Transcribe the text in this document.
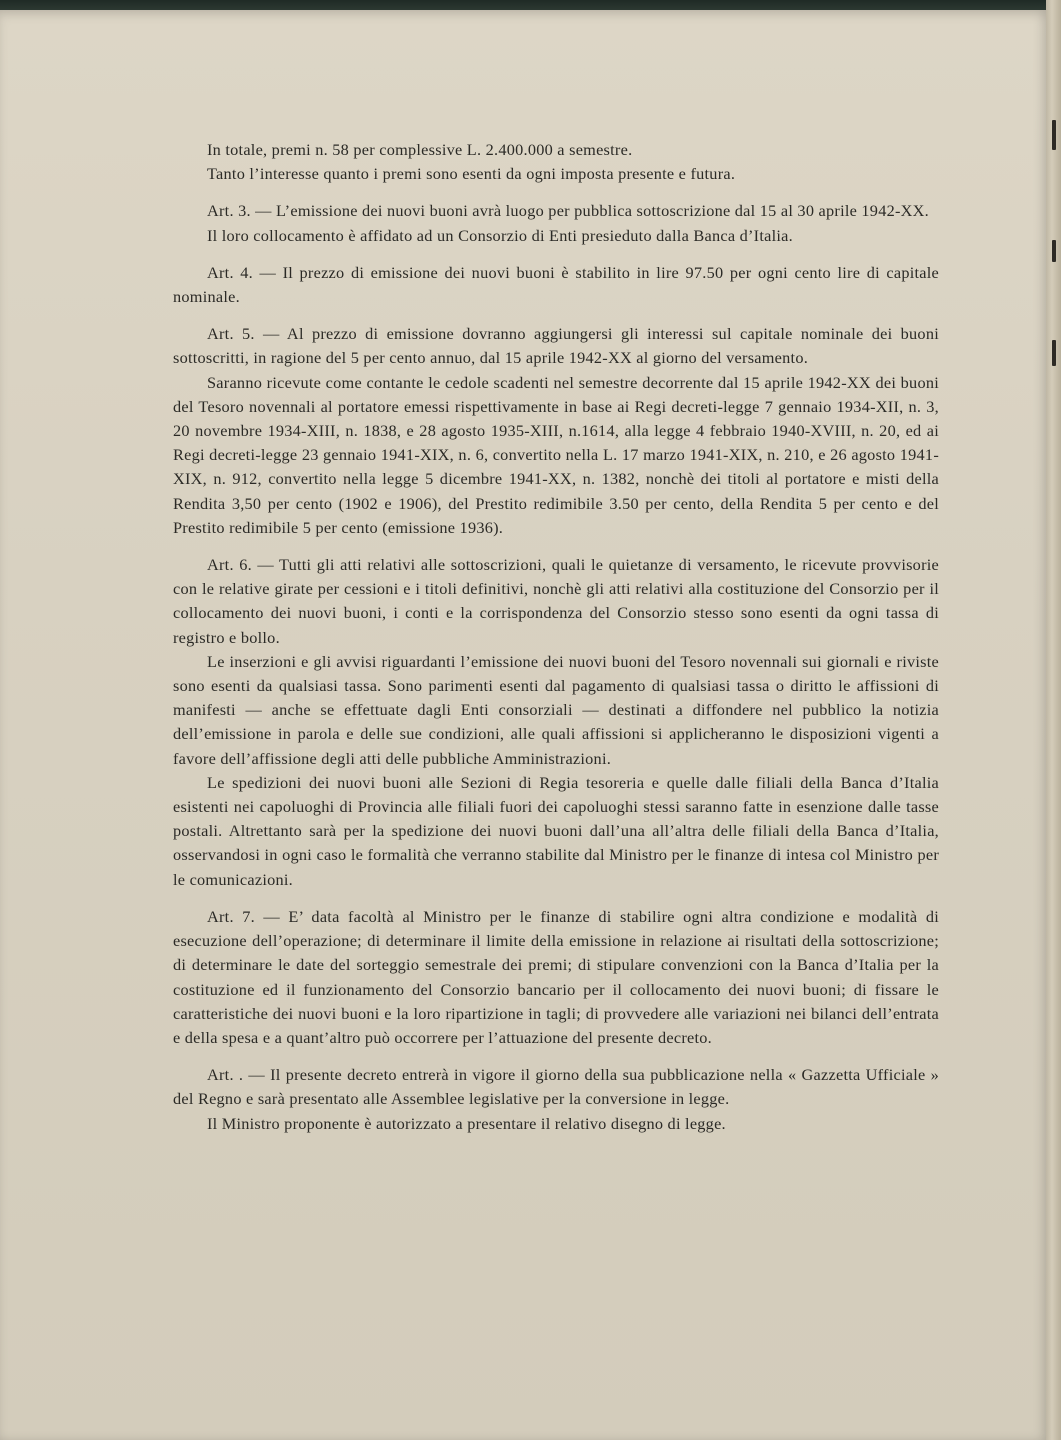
In totale, premi n. 58 per complessive L. 2.400.000 a semestre.

Tanto l’interesse quanto i premi sono esenti da ogni imposta presente e futura.

Art. 3. — L’emissione dei nuovi buoni avrà luogo per pubblica sottoscrizione dal 15 al 30 aprile 1942-XX.

Il loro collocamento è affidato ad un Consorzio di Enti presieduto dalla Banca d’Italia.

Art. 4. — Il prezzo di emissione dei nuovi buoni è stabilito in lire 97.50 per ogni cento lire di capitale nominale.

Art. 5. — Al prezzo di emissione dovranno aggiungersi gli interessi sul capitale nominale dei buoni sottoscritti, in ragione del 5 per cento annuo, dal 15 aprile 1942-XX al giorno del versamento.

Saranno ricevute come contante le cedole scadenti nel semestre decorrente dal 15 aprile 1942-XX dei buoni del Tesoro novennali al portatore emessi rispettivamente in base ai Regi decreti-legge 7 gennaio 1934-XII, n. 3, 20 novembre 1934-XIII, n. 1838, e 28 agosto 1935-XIII, n.1614, alla legge 4 febbraio 1940-XVIII, n. 20, ed ai Regi decreti-legge 23 gennaio 1941-XIX, n. 6, convertito nella L. 17 marzo 1941-XIX, n. 210, e 26 agosto 1941-XIX, n. 912, convertito nella legge 5 dicembre 1941-XX, n. 1382, nonchè dei titoli al portatore e misti della Rendita 3,50 per cento (1902 e 1906), del Prestito redimibile 3.50 per cento, della Rendita 5 per cento e del Prestito redimibile 5 per cento (emissione 1936).

Art. 6. — Tutti gli atti relativi alle sottoscrizioni, quali le quietanze di versamento, le ricevute provvisorie con le relative girate per cessioni e i titoli definitivi, nonchè gli atti relativi alla costituzione del Consorzio per il collocamento dei nuovi buoni, i conti e la corrispondenza del Consorzio stesso sono esenti da ogni tassa di registro e bollo.

Le inserzioni e gli avvisi riguardanti l’emissione dei nuovi buoni del Tesoro novennali sui giornali e riviste sono esenti da qualsiasi tassa. Sono parimenti esenti dal pagamento di qualsiasi tassa o diritto le affissioni di manifesti — anche se effettuate dagli Enti consorziali — destinati a diffondere nel pubblico la notizia dell’emissione in parola e delle sue condizioni, alle quali affissioni si applicheranno le disposizioni vigenti a favore dell’affissione degli atti delle pubbliche Amministrazioni.

Le spedizioni dei nuovi buoni alle Sezioni di Regia tesoreria e quelle dalle filiali della Banca d’Italia esistenti nei capoluoghi di Provincia alle filiali fuori dei capoluoghi stessi saranno fatte in esenzione dalle tasse postali. Altrettanto sarà per la spedizione dei nuovi buoni dall’una all’altra delle filiali della Banca d’Italia, osservandosi in ogni caso le formalità che verranno stabilite dal Ministro per le finanze di intesa col Ministro per le comunicazioni.

Art. 7. — E’ data facoltà al Ministro per le finanze di stabilire ogni altra condizione e modalità di esecuzione dell’operazione; di determinare il limite della emissione in relazione ai risultati della sottoscrizione; di determinare le date del sorteggio semestrale dei premi; di stipulare convenzioni con la Banca d’Italia per la costituzione ed il funzionamento del Consorzio bancario per il collocamento dei nuovi buoni; di fissare le caratteristiche dei nuovi buoni e la loro ripartizione in tagli; di provvedere alle variazioni nei bilanci dell’entrata e della spesa e a quant’altro può occorrere per l’attuazione del presente decreto.

Art. . — Il presente decreto entrerà in vigore il giorno della sua pubblicazione nella « Gazzetta Ufficiale » del Regno e sarà presentato alle Assemblee legislative per la conversione in legge.

Il Ministro proponente è autorizzato a presentare il relativo disegno di legge.
